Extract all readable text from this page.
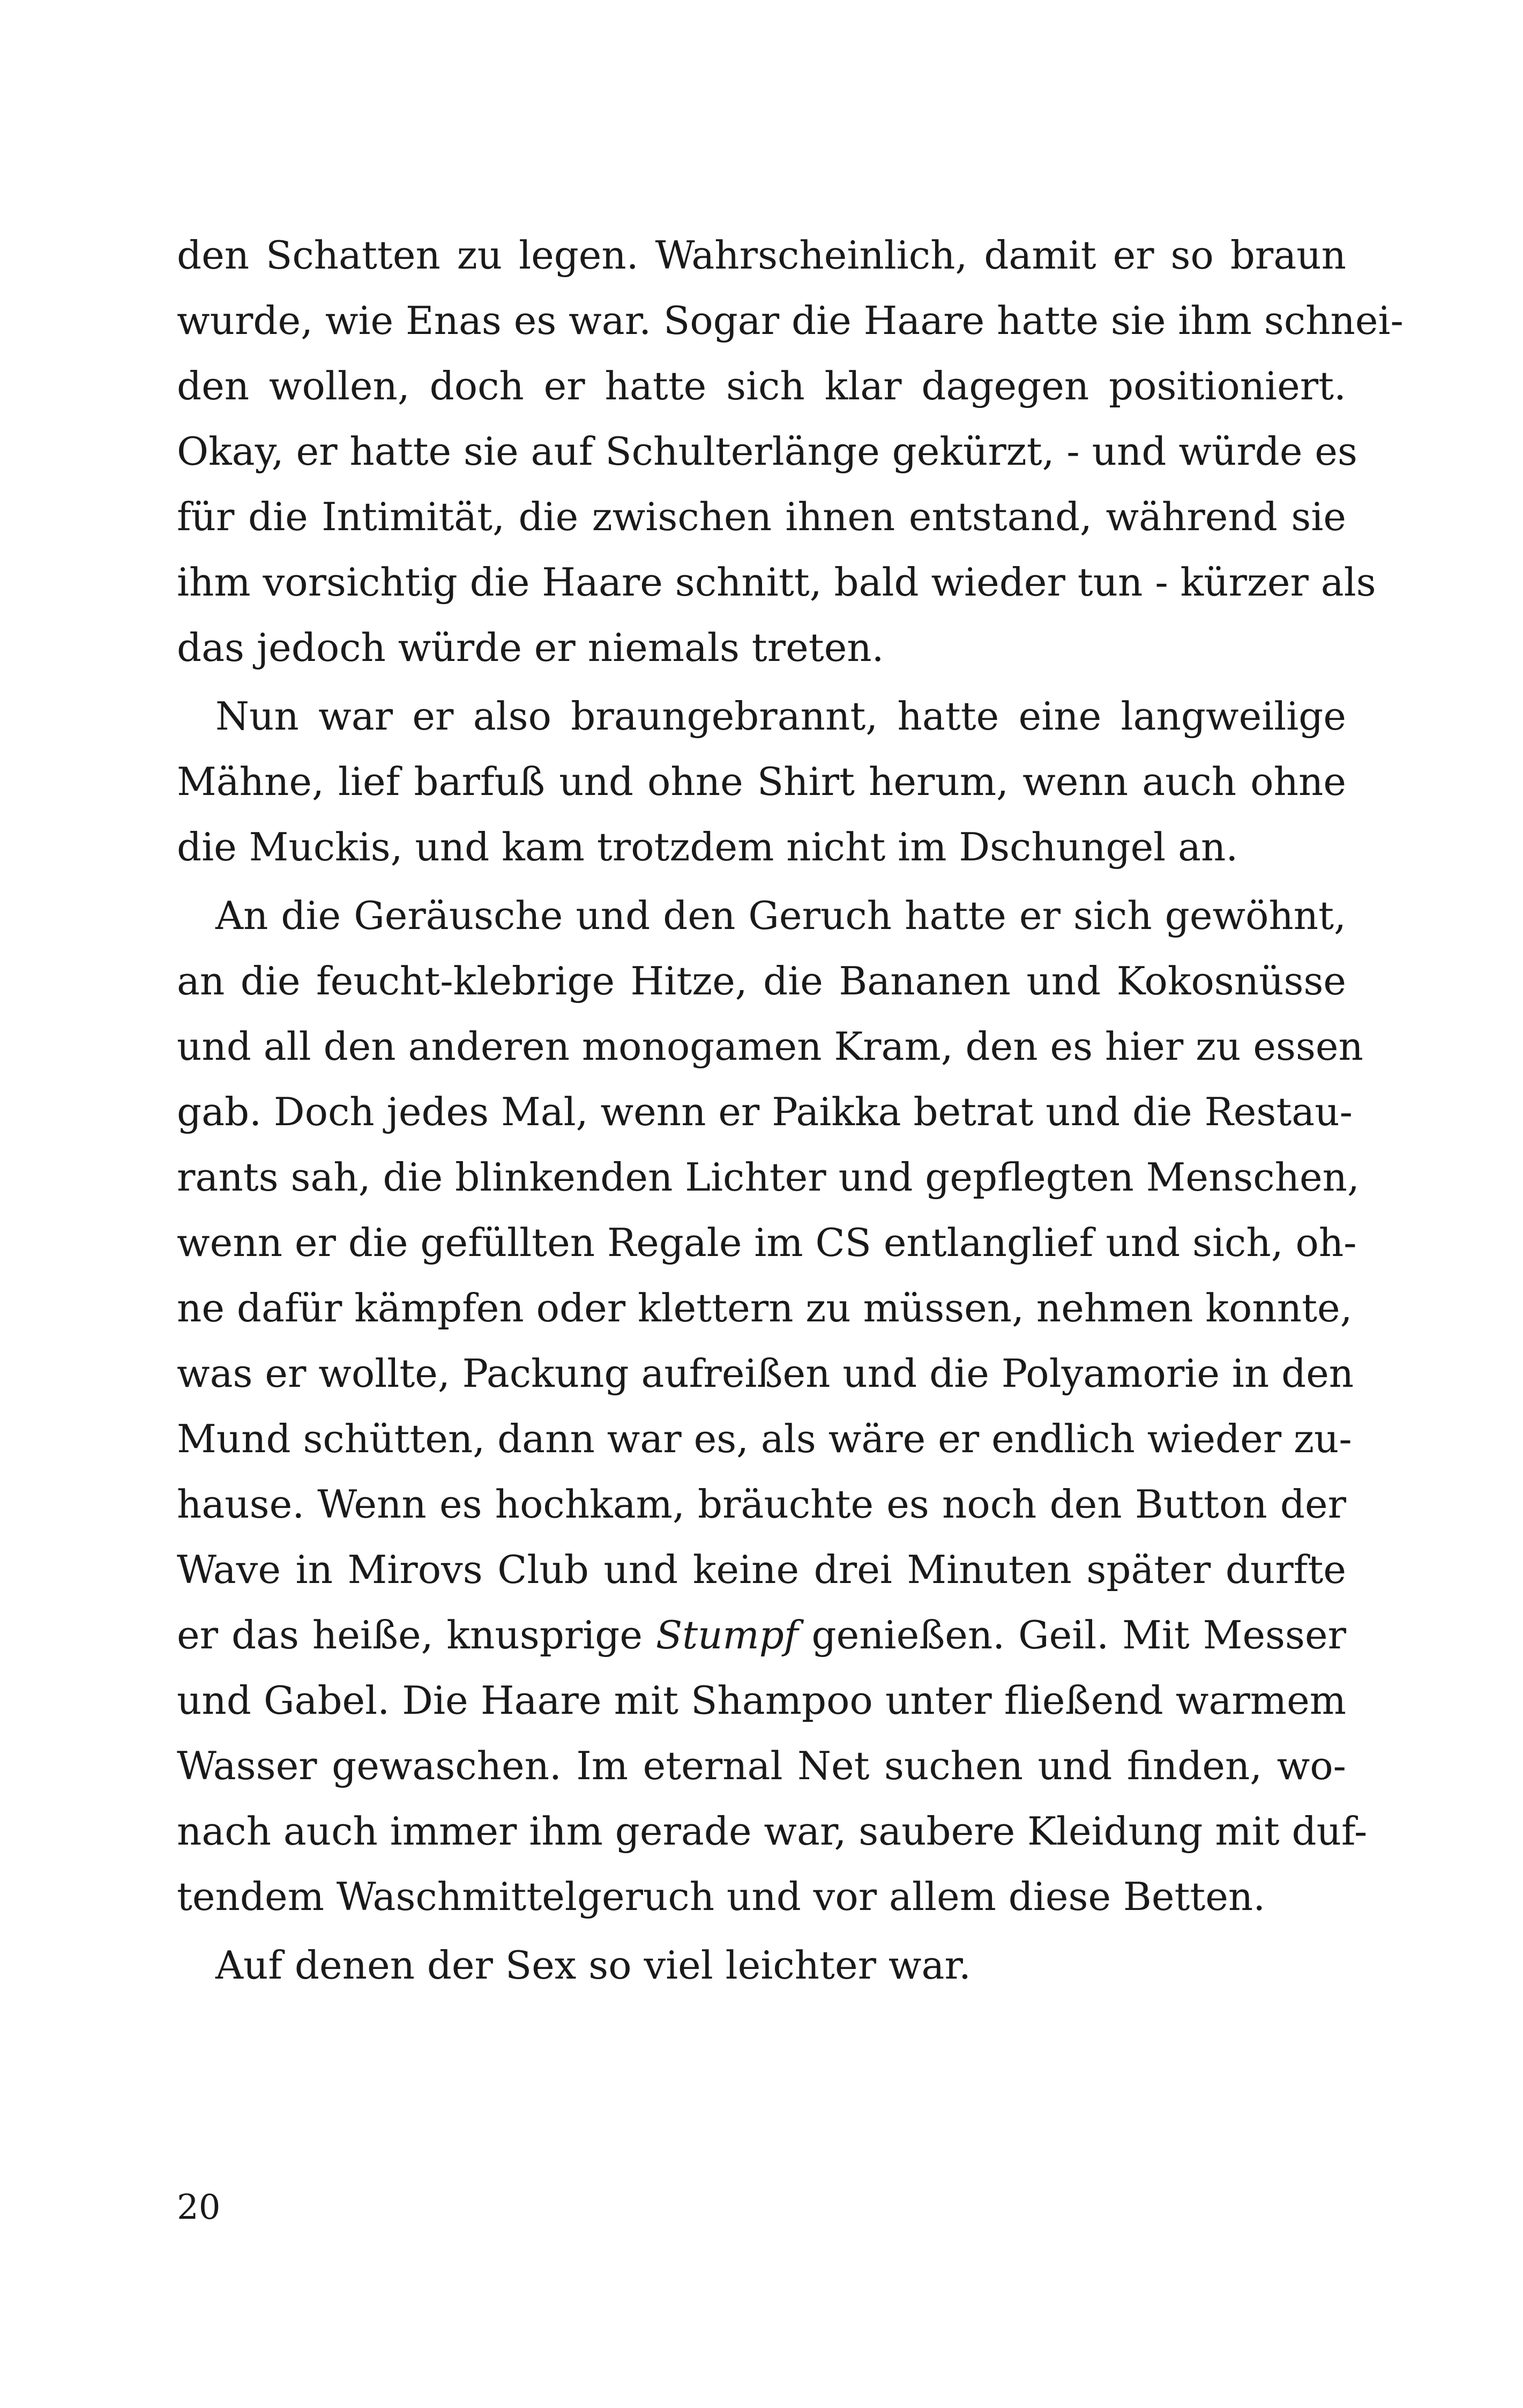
den Schatten zu legen. Wahrscheinlich, damit er so braun
wurde, wie Enas es war. Sogar die Haare hatte sie ihm schnei-
den wollen, doch er hatte sich klar dagegen positioniert.
Okay, er hatte sie auf Schulterlänge gekürzt, - und würde es
für die Intimität, die zwischen ihnen entstand, während sie
ihm vorsichtig die Haare schnitt, bald wieder tun - kürzer als
das jedoch würde er niemals treten.
Nun war er also braungebrannt, hatte eine langweilige
Mähne, lief barfuß und ohne Shirt herum, wenn auch ohne
die Muckis, und kam trotzdem nicht im Dschungel an.
An die Geräusche und den Geruch hatte er sich gewöhnt,
an die feucht-klebrige Hitze, die Bananen und Kokosnüsse
und all den anderen monogamen Kram, den es hier zu essen
gab. Doch jedes Mal, wenn er Paikka betrat und die Restau-
rants sah, die blinkenden Lichter und gepflegten Menschen,
wenn er die gefüllten Regale im CS entlanglief und sich, oh-
ne dafür kämpfen oder klettern zu müssen, nehmen konnte,
was er wollte, Packung aufreißen und die Polyamorie in den
Mund schütten, dann war es, als wäre er endlich wieder zu-
hause. Wenn es hochkam, bräuchte es noch den Button der
Wave in Mirovs Club und keine drei Minuten später durfte
er das heiße, knusprige Stumpf genießen. Geil. Mit Messer
und Gabel. Die Haare mit Shampoo unter fließend warmem
Wasser gewaschen. Im eternal Net suchen und finden, wo-
nach auch immer ihm gerade war, saubere Kleidung mit duf-
tendem Waschmittelgeruch und vor allem diese Betten.
Auf denen der Sex so viel leichter war.
20
